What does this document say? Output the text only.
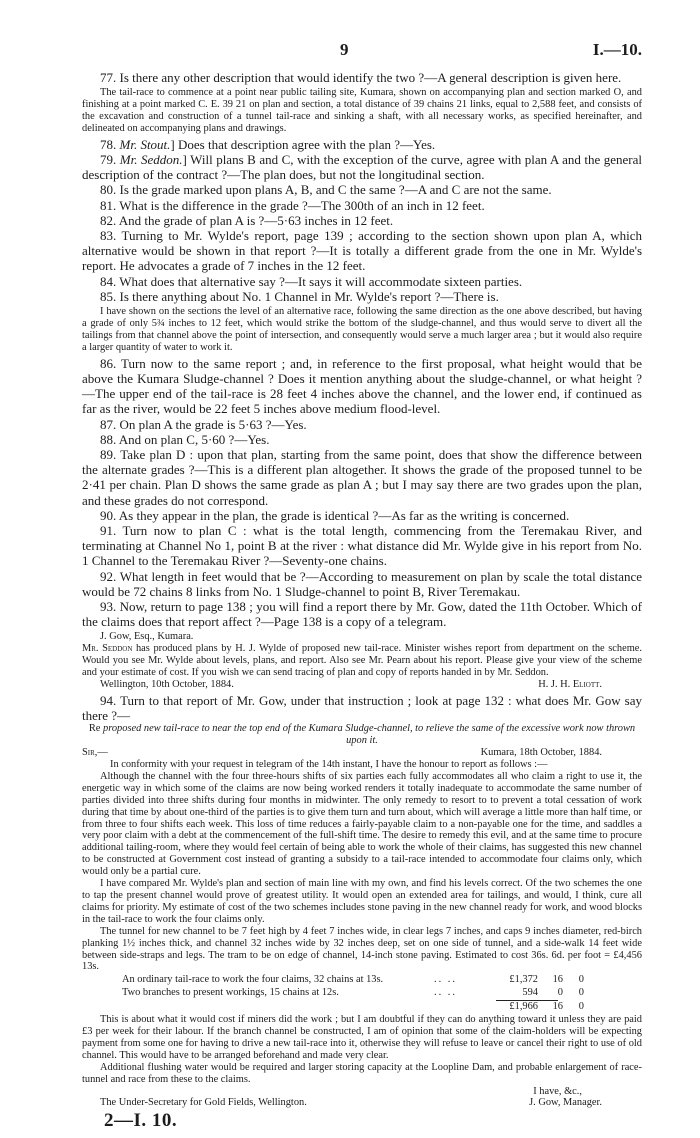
9	I.—10.

77. Is there any other description that would identify the two ?—A general description is given here.

The tail-race to commence at a point near public tailing site, Kumara, shown on accompanying plan and section marked O, and finishing at a point marked C. E. 39 21 on plan and section, a total distance of 39 chains 21 links, equal to 2,588 feet, and consists of the excavation and construction of a tunnel tail-race and sinking a shaft, with all necessary works, as specified hereinafter, and delineated on accompanying plans and drawings.

78. Mr. Stout.] Does that description agree with the plan ?—Yes.

79. Mr. Seddon.] Will plans B and C, with the exception of the curve, agree with plan A and the general description of the contract ?—The plan does, but not the longitudinal section.

80. Is the grade marked upon plans A, B, and C the same ?—A and C are not the same.

81. What is the difference in the grade ?—The 300th of an inch in 12 feet.

82. And the grade of plan A is ?—5·63 inches in 12 feet.

83. Turning to Mr. Wylde's report, page 139 ; according to the section shown upon plan A, which alternative would be shown in that report ?—It is totally a different grade from the one in Mr. Wylde's report. He advocates a grade of 7 inches in the 12 feet.

84. What does that alternative say ?—It says it will accommodate sixteen parties.

85. Is there anything about No. 1 Channel in Mr. Wylde's report ?—There is.

I have shown on the sections the level of an alternative race, following the same direction as the one above described, but having a grade of only 5¾ inches to 12 feet, which would strike the bottom of the sludge-channel, and thus would serve to divert all the tailings from that channel above the point of intersection, and consequently would serve a much larger area ; but it would also require a larger quantity of water to work it.

86. Turn now to the same report ; and, in reference to the first proposal, what height would that be above the Kumara Sludge-channel ? Does it mention anything about the sludge-channel, or what height ?—The upper end of the tail-race is 28 feet 4 inches above the channel, and the lower end, if continued as far as the river, would be 22 feet 5 inches above medium flood-level.

87. On plan A the grade is 5·63 ?—Yes.

88. And on plan C, 5·60 ?—Yes.

89. Take plan D : upon that plan, starting from the same point, does that show the difference between the alternate grades ?—This is a different plan altogether. It shows the grade of the proposed tunnel to be 2·41 per chain. Plan D shows the same grade as plan A ; but I may say there are two grades upon the plan, and these grades do not correspond.

90. As they appear in the plan, the grade is identical ?—As far as the writing is concerned.

91. Turn now to plan C : what is the total length, commencing from the Teremakau River, and terminating at Channel No 1, point B at the river : what distance did Mr. Wylde give in his report from No. 1 Channel to the Teremakau River ?—Seventy-one chains.

92. What length in feet would that be ?—According to measurement on plan by scale the total distance would be 72 chains 8 links from No. 1 Sludge-channel to point B, River Teremakau.

93. Now, return to page 138 ; you will find a report there by Mr. Gow, dated the 11th October. Which of the claims does that report affect ?—Page 138 is a copy of a telegram.

J. Gow, Esq., Kumara.

Mr. Seddon has produced plans by H. J. Wylde of proposed new tail-race. Minister wishes report from department on the scheme. Would you see Mr. Wylde about levels, plans, and report. Also see Mr. Pearn about his report. Please give your view of the scheme and your estimate of cost. If you wish we can send tracing of plan and copy of reports handed in by Mr. Seddon.

Wellington, 10th October, 1884.	H. J. H. Eliott.

94. Turn to that report of Mr. Gow, under that instruction ; look at page 132 : what does Mr. Gow say there ?—

Re proposed new tail-race to near the top end of the Kumara Sludge-channel, to relieve the same of the excessive work now thrown upon it.

Sir,—	Kumara, 18th October, 1884.

In conformity with your request in telegram of the 14th instant, I have the honour to report as follows :—

Although the channel with the four three-hours shifts of six parties each fully accommodates all who claim a right to use it, the energetic way in which some of the claims are now being worked renders it totally inadequate to accommodate the same number of parties divided into three shifts during four months in midwinter. The only remedy to resort to to prevent a total cessation of work during that time by about one-third of the parties is to give them turn and turn about, which will average a little more than half time, or from three to four shifts each week. This loss of time reduces a fairly-payable claim to a non-payable one for the time, and saddles a very poor claim with a debt at the commencement of the full-shift time. The desire to remedy this evil, and at the same time to procure additional tailing-room, where they would feel certain of being able to work the whole of their claims, has suggested this new channel to be constructed at Government cost instead of granting a subsidy to a tail-race intended to accommodate four claims only, which would only be a partial cure.

I have compared Mr. Wylde's plan and section of main line with my own, and find his levels correct. Of the two schemes the one to tap the present channel would prove of greatest utility. It would open an extended area for tailings, and would, I think, cure all claims for priority. My estimate of cost of the two schemes includes stone paving in the new channel ready for work, and wood blocks in the tail-race to work the four claims only.

The tunnel for new channel to be 7 feet high by 4 feet 7 inches wide, in clear legs 7 inches, and caps 9 inches diameter, red-birch planking 1½ inches thick, and channel 32 inches wide by 32 inches deep, set on one side of tunnel, and a side-walk 14 feet wide between side-straps and legs. The tram to be on edge of channel, 14-inch stone paving. Estimated to cost 36s. 6d. per foot = £4,456 13s.

An ordinary tail-race to work the four claims, 32 chains at 13s.	.. ..	£1,372	16	0
Two branches to present workings, 15 chains at 12s.	.. ..	594	0	0
£1,966	16	0

This is about what it would cost if miners did the work ; but I am doubtful if they can do anything toward it unless they are paid £3 per week for their labour. If the branch channel be constructed, I am of opinion that some of the claim-holders will be expecting payment from some one for having to drive a new tail-race into it, otherwise they will refuse to leave or cancel their right to use of old channel. This would have to be arranged beforehand and made very clear.

Additional flushing water would be required and larger storing capacity at the Loopline Dam, and probable enlargement of race-tunnel and race from these to the claims.

I have, &c.,
The Under-Secretary for Gold Fields, Wellington.	J. Gow, Manager.
2—I. 10.
